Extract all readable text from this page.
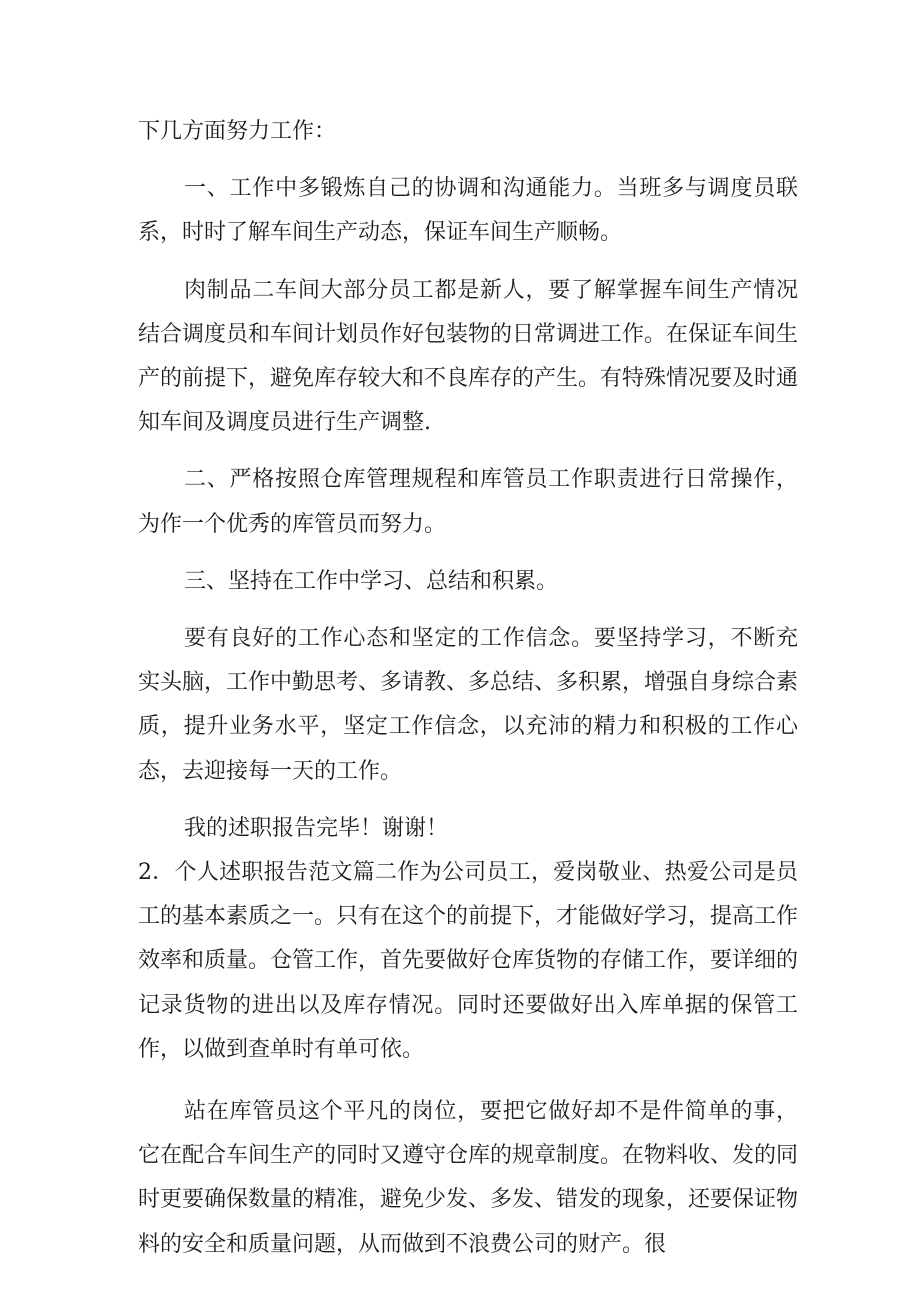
下几方面努力工作：

一、工作中多锻炼自己的协调和沟通能力。当班多与调度员联系，时时了解车间生产动态，保证车间生产顺畅。

肉制品二车间大部分员工都是新人，要了解掌握车间生产情况结合调度员和车间计划员作好包装物的日常调进工作。在保证车间生产的前提下，避免库存较大和不良库存的产生。有特殊情况要及时通知车间及调度员进行生产调整.

二、严格按照仓库管理规程和库管员工作职责进行日常操作，为作一个优秀的库管员而努力。

三、坚持在工作中学习、总结和积累。

要有良好的工作心态和坚定的工作信念。要坚持学习，不断充实头脑，工作中勤思考、多请教、多总结、多积累，增强自身综合素质，提升业务水平，坚定工作信念，以充沛的精力和积极的工作心态，去迎接每一天的工作。

我的述职报告完毕！谢谢！

2．个人述职报告范文篇二作为公司员工，爱岗敬业、热爱公司是员工的基本素质之一。只有在这个的前提下，才能做好学习，提高工作效率和质量。仓管工作，首先要做好仓库货物的存储工作，要详细的记录货物的进出以及库存情况。同时还要做好出入库单据的保管工作，以做到查单时有单可依。

站在库管员这个平凡的岗位，要把它做好却不是件简单的事，它在配合车间生产的同时又遵守仓库的规章制度。在物料收、发的同时更要确保数量的精准，避免少发、多发、错发的现象，还要保证物料的安全和质量问题，从而做到不浪费公司的财产。很
